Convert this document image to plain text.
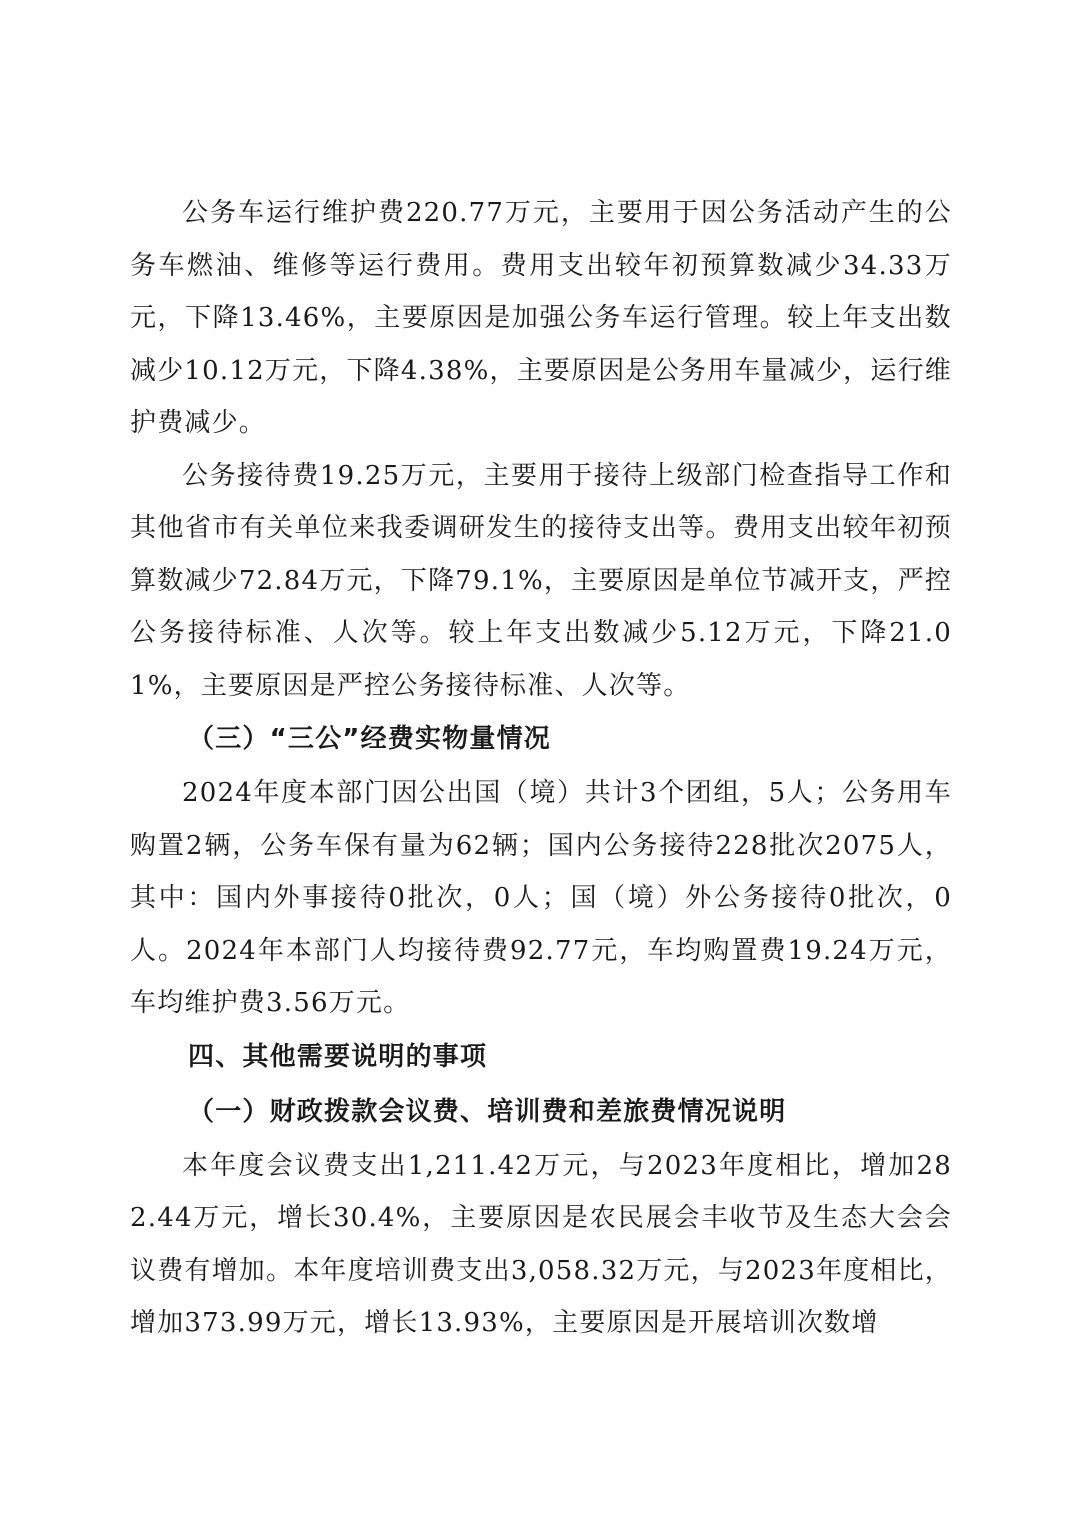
公务车运行维护费220.77万元，主要用于因公务活动产生的公务车燃油、维修等运行费用。费用支出较年初预算数减少34.33万元，下降13.46%，主要原因是加强公务车运行管理。较上年支出数减少10.12万元，下降4.38%，主要原因是公务用车量减少，运行维护费减少。

公务接待费19.25万元，主要用于接待上级部门检查指导工作和其他省市有关单位来我委调研发生的接待支出等。费用支出较年初预算数减少72.84万元，下降79.1%，主要原因是单位节减开支，严控公务接待标准、人次等。较上年支出数减少5.12万元，下降21.01%，主要原因是严控公务接待标准、人次等。

（三）“三公”经费实物量情况

2024年度本部门因公出国（境）共计3个团组，5人；公务用车购置2辆，公务车保有量为62辆；国内公务接待228批次2075人，其中：国内外事接待0批次，0人；国（境）外公务接待0批次，0人。2024年本部门人均接待费92.77元，车均购置费19.24万元，车均维护费3.56万元。

四、其他需要说明的事项

（一）财政拨款会议费、培训费和差旅费情况说明

本年度会议费支出1,211.42万元，与2023年度相比，增加282.44万元，增长30.4%，主要原因是农民展会丰收节及生态大会会议费有增加。本年度培训费支出3,058.32万元，与2023年度相比，增加373.99万元，增长13.93%，主要原因是开展培训次数增
